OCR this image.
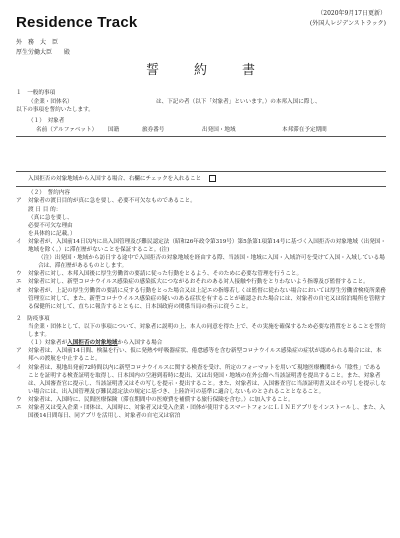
Residence Track
（2020年9月17日更新）
(外国人レジデンストラック)
外　務　大　臣
厚生労働大臣　　殿
誓　約　書

１　一般的事項

（企業・団体名）	は、下記の者（以下「対象者」といいます。）の本邦入国に際し、

以下の事項を誓約いたします。

（１）　対象者

名前（アルファベット）	国籍	旅券番号	出発国・地域	本邦滞在予定期間
入国拒否の対象地域から入国する場合、右欄にチェックを入れること

（２）　誓約内容

ア	対象者の渡日目的が真に急を要し、必要不可欠なものであること。

渡 日 目 的：

（真に急を要し、

必要不可欠な理由

を具体的に記載。）

イ	対象者が、入国前14日以内に出入国管理及び難民認定法（昭和26年政令第319号）第5条第1項第14号に基づく入国拒否の対象地域（出発国・地域を除く。）に滞在歴がないことを保証すること。(注)

（注）出発国・地域から訪日する途中で入国拒否の対象地域を経由する際、当該国・地域に入国・入域許可を受けて入国・入域している場合は、滞在歴があるものとします。

ウ	対象者に対し、本邦入国後に厚生労働省の要請に従った行動をとるよう、そのために必要な管理を行うこと。
エ	対象者に対し、新型コロナウイルス感染症の感染拡大につながるおそれのある対人接触や行動をとりわないよう指導及び監督すること。
オ	対象者が、上記の厚生労働省の要請に反する行動をとった場合又は上記エの指導若しくは監督に従わない場合においては厚生労働省検疫所業務管理室に対して、また、新型コロナウイルス感染症の疑いのある症状を有することが確認された場合には、対象者の自宅又は宿泊場所を管轄する保健所に対して、直ちに報告するとともに、日本国政府の関係当局の指示に従うこと。

２　防疫事項

当企業・団体として、以下の事項について、対象者に説明の上、本人の同意を得た上で、その実施を確保するため必要な措置をとることを誓約します。

（１）対象者が入国拒否の対象地域から入国する場合

ア	対象者は、入国前14日間、検温を行い、仮に発熱や呼吸器症状、倦怠感等を含む新型コロナウイルス感染症の症状が認められる場合には、本邦への渡航を中止すること。
イ	対象者は、現地出発前72時間以内に新型コロナウイルスに関する検査を受け、所定のフォーマットを用いて現地医療機関から「陰性」であることを証明する検査証明を取得し、日本国内の空港到着時に提出、又は出発国・地域の在外公館へ当該証明書を提出すること。また、対象者は、入国審査官に提示し、当該証明書又はその写しを提示・提出すること。また、対象者は、入国審査官に当該証明書又はその写しを提示しない場合には、出入国管理及び難民認定法の規定に基づき、上陸許可の基準に適合しないものとされることとなること。
ウ	対象者は、入国時に、民間医療保険（滞在期間中の医療費を補償する旅行保険を含む。）に加入すること。
エ	対象者又は受入企業・団体は、入国時に、対象者又は受入企業・団体が使用するスマートフォンにＬＩＮＥアプリをインストールし、また、入国後14日間毎日、同アプリを活用し、対象者の自宅又は宿泊
